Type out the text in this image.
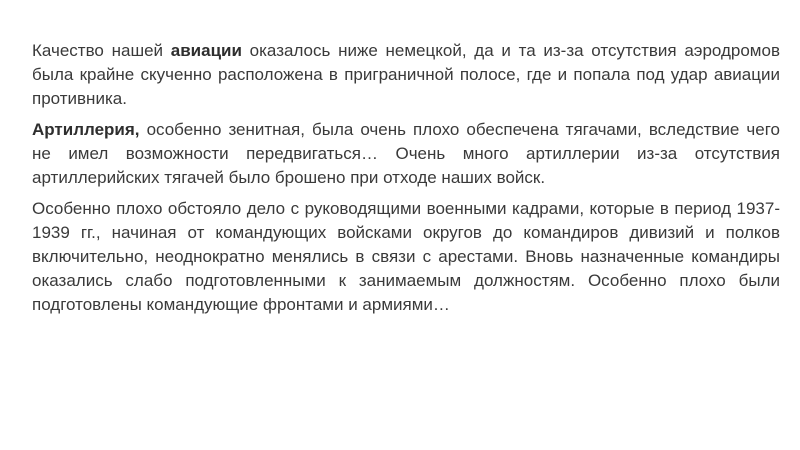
Качество нашей авиации оказалось ниже немецкой, да и та из-за отсутствия аэродромов была крайне скученно расположена в приграничной полосе, где и попала под удар авиации противника.

Артиллерия, особенно зенитная, была очень плохо обеспечена тягачами, вследствие чего не имел возможности передвигаться… Очень много артиллерии из-за отсутствия артиллерийских тягачей было брошено при отходе наших войск.

Особенно плохо обстояло дело с руководящими военными кадрами, которые в период 1937-1939 гг., начиная от командующих войсками округов до командиров дивизий и полков включительно, неоднократно менялись в связи с арестами. Вновь назначенные командиры оказались слабо подготовленными к занимаемым должностям. Особенно плохо были подготовлены командующие фронтами и армиями…
